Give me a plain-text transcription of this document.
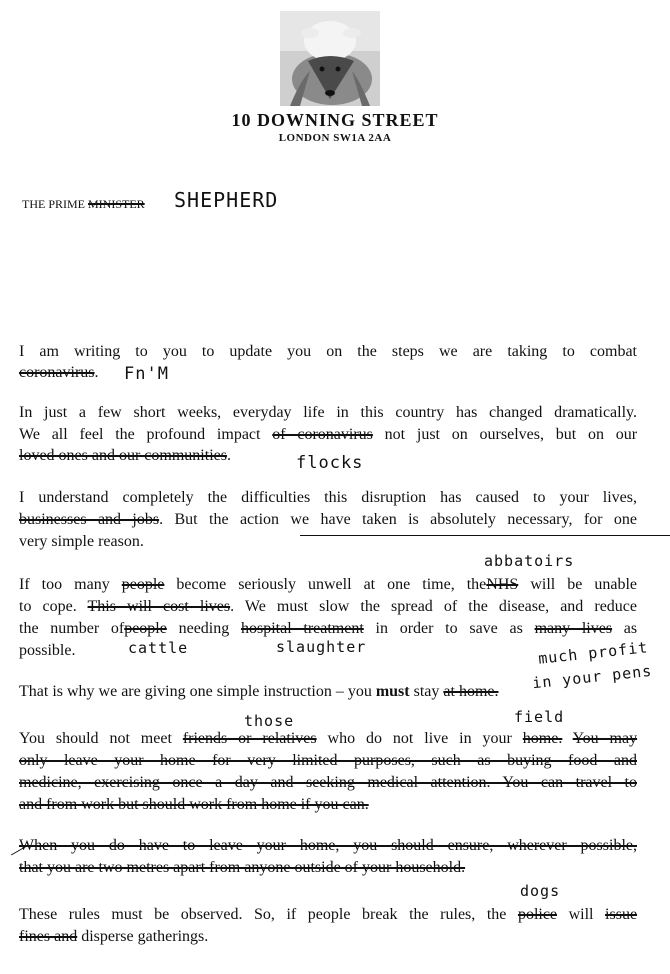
10 DOWNING STREET
LONDON SW1A 2AA
THE PRIME MINISTER SHEPHERD
I am writing to you to update you on the steps we are taking to combat
coronavirus. Fn'M
In just a few short weeks, everyday life in this country has changed dramatically.
We all feel the profound impact of coronavirus not just on ourselves, but on our
loved ones and our communities.	flocks
I understand completely the difficulties this disruption has caused to your lives,
businesses and jobs. But the action we have taken is absolutely necessary, for one
very simple reason.
abbatoirs
If too many people become seriously unwell at one time, theNHS will be unable
to cope. This will cost lives. We must slow the spread of the disease, and reduce
the number ofpeople needing hospital treatment in order to save as many lives as
possible.	cattle	slaughter	much profit
That is why we are giving one simple instruction – you must stay at home. in your pens
those	field
You should not meet friends or relatives who do not live in your home. You may
only leave your home for very limited purposes, such as buying food and
medicine, exercising once a day and seeking medical attention. You can travel to
and from work but should work from home if you can.
When you do have to leave your home, you should ensure, wherever possible,
that you are two metres apart from anyone outside of your household.
dogs
These rules must be observed. So, if people break the rules, the police will issue
fines and disperse gatherings.
